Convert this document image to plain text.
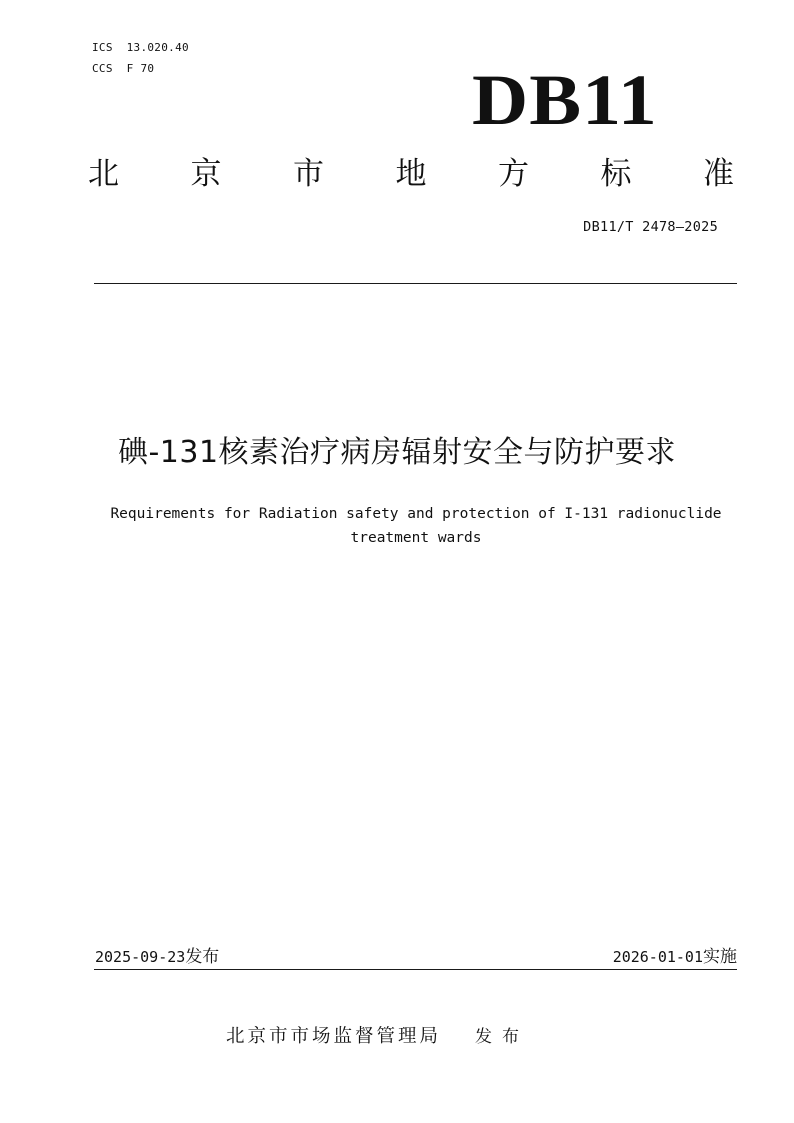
ICS  13.020.40
CCS  F 70	DB11
北 京 市 地 方 标 准
DB11/T 2478—2025
碘-131核素治疗病房辐射安全与防护要求
Requirements for Radiation safety and protection of I-131 radionuclide
treatment wards
2025-09-23发布	2026-01-01实施
北京市市场监督管理局 发布
